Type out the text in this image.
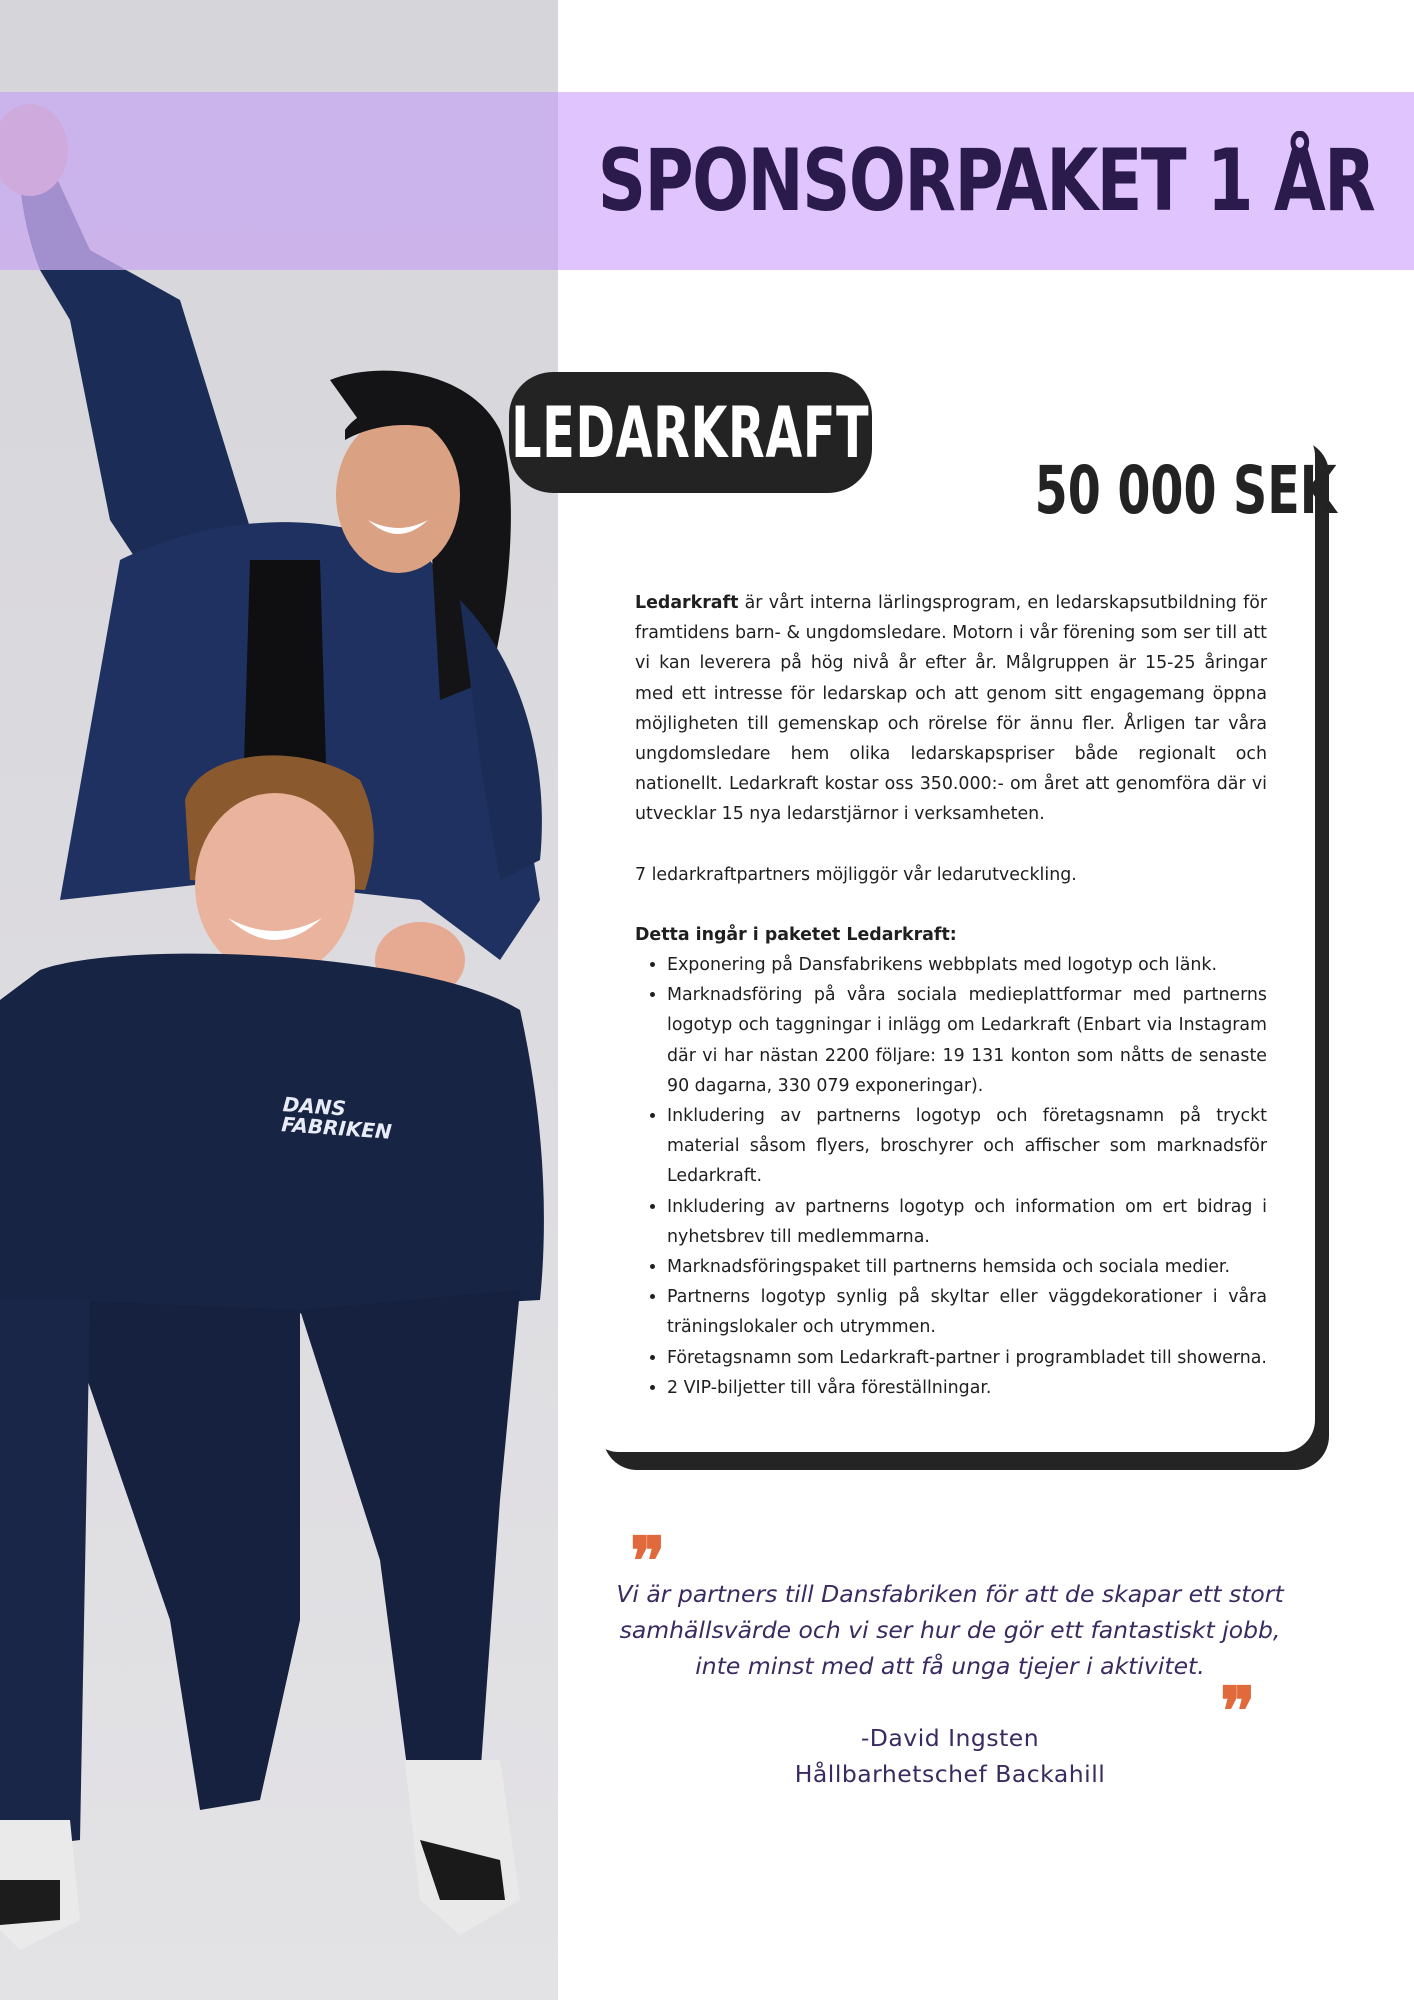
DANS
FABRIKEN
SPONSORPAKET 1 ÅR
LEDARKRAFT
50 000 SEK

Ledarkraft är vårt interna lärlingsprogram, en ledarskapsutbildning för framtidens barn- & ungdomsledare. Motorn i vår förening som ser till att vi kan leverera på hög nivå år efter år. Målgruppen är 15-25 åringar med ett intresse för ledarskap och att genom sitt engagemang öppna möjligheten till gemenskap och rörelse för ännu fler. Årligen tar våra ungdomsledare hem olika ledarskapspriser både regionalt och nationellt. Ledarkraft kostar oss 350.000:- om året att genomföra där vi utvecklar 15 nya ledarstjärnor i verksamheten.

7 ledarkraftpartners möjliggör vår ledarutveckling.

Detta ingår i paketet Ledarkraft:

• Exponering på Dansfabrikens webbplats med logotyp och länk.
• Marknadsföring på våra sociala medieplattformar med partnerns logotyp och taggningar i inlägg om Ledarkraft (Enbart via Instagram där vi har nästan 2200 följare: 19 131 konton som nåtts de senaste 90 dagarna, 330 079 exponeringar).
• Inkludering av partnerns logotyp och företagsnamn på tryckt material såsom flyers, broschyrer och affischer som marknadsför Ledarkraft.
• Inkludering av partnerns logotyp och information om ert bidrag i nyhetsbrev till medlemmarna.
• Marknadsföringspaket till partnerns hemsida och sociala medier.
• Partnerns logotyp synlig på skyltar eller väggdekorationer i våra träningslokaler och utrymmen.
• Företagsnamn som Ledarkraft-partner i programbladet till showerna.
• 2 VIP-biljetter till våra föreställningar.
❞
Vi är partners till Dansfabriken för att de skapar ett stort samhällsvärde och vi ser hur de gör ett fantastiskt jobb, inte minst med att få unga tjejer i aktivitet.
❞
-David Ingsten
Hållbarhetschef Backahill
